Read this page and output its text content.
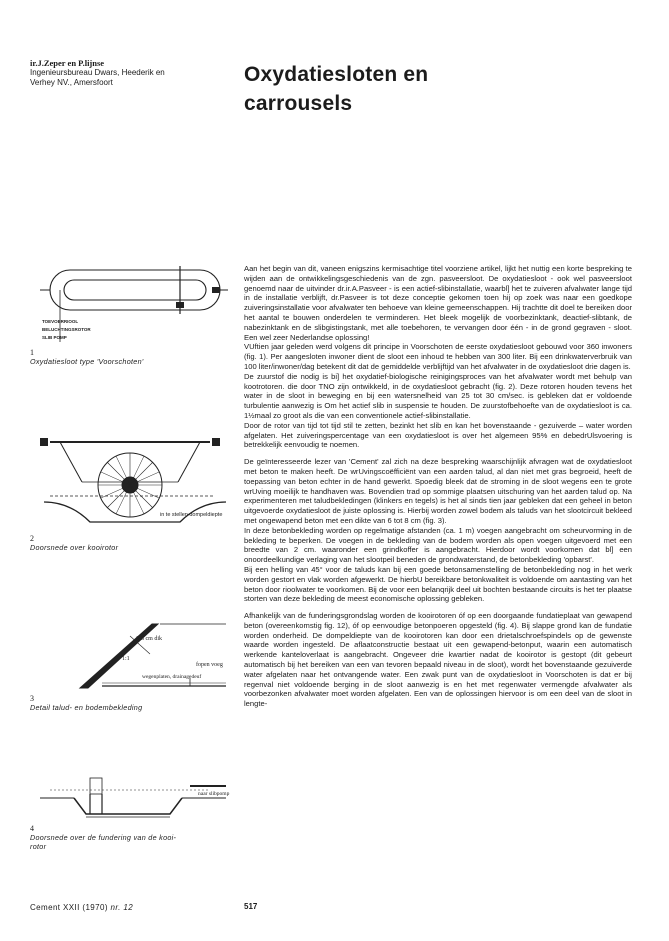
ir.J.Zeper en P.lijnse
Ingenieursbureau Dwars, Heederik en
Verhey NV., Amersfoort	Oxydatiesloten en
carrousels
TOEVOERRIOOL
BELUCHTINGSROTOR
SLIB POMP
1
Oxydatiesloot type 'Voorschoten'
in te stellen dompeldiepte
2
Doorsnede over kooirotor
6-8 cm dik
1:1
fopen voeg
wegenplaten, drainagedeuf
3
Detail talud- en bodembekleding
naar slibpomp
4
Doorsnede over de fundering van de kooi-
rotor

Aan het begin van dit, vaneen enigszins kermisachtige titel voorziene artikel, lijkt het nuttig een korte bespreking te wijden aan de ontwikkelingsgeschiedenis van de zgn. pasveersloot. De oxydatiesloot - ook wel pasveersloot genoemd naar de uitvinder dr.ir.A.Pasveer - is een actief-slibinstallatie, waarbl] het te zuiveren afvalwater lange tijd in de installatie verblijft, dr.Pasveer is tot deze conceptie gekomen toen hij op zoek was naar een goedkope zuiveringsinstallatie voor afvalwater ten behoeve van kleine gemeenschappen. Hij trachtte dit doel te bereiken door het aantal te bouwen onderdelen te verminderen. Het bleek mogelijk de voorbezinktank, deactief-slibtank, de nabezinktank en de slibgistingstank, met alle toebehoren, te vervangen door één - in de grond gegraven - sloot. Een wel zeer Nederlandse oplossing!

VUftien jaar geleden werd volgens dit principe in Voorschoten de eerste oxydatiesloot gebouwd voor 360 inwoners (fig. 1). Per aangesloten inwoner dient de sloot een inhoud te hebben van 300 liter. Bij een drinkwaterverbruik van 100 liter/inwoner/dag betekent dit dat de gemiddelde verblijftijd van het afvalwater in de oxydatiesloot drie dagen is.

De zuurstof die nodig is bi] het oxydatief-biologische reinigingsproces van het afvalwater wordt met behulp van kootrotoren. die door TNO zijn ontwikkeld, in de oxydatiesloot gebracht (fig. 2). Deze rotoren houden tevens het water in de sloot in beweging en bij een watersnelheid van 25 tot 30 cm/sec. is gebleken dat er voldoende turbulentie aanwezig is Om het actief slib in suspensie te houden. De zuurstofbehoefte van de oxydatiesloot is ca. 1½maal zo groot als die van een conventionele actief-slibinstallatie.

Door de rotor van tijd tot tijd stil te zetten, bezinkt het slib en kan het bovenstaande - gezuiverde – water worden afgelaten. Het zuiveringspercentage van een oxydatiesloot is over het algemeen 95% en debedrUlsvoering is betrekkelijk eenvoudig te noemen.

De geïnteresseerde lezer van 'Cement' zal zich na deze bespreking waarschijnlijk afvragen wat de oxydatiesloot met beton te maken heeft. De wrUvingscoëfficiënt van een aarden talud, al dan niet met gras begroeid, heeft de toepassing van beton echter in de hand gewerkt. Spoedig bleek dat de stroming in de sloot wegens een te grote wrUving moeilijk te handhaven was. Bovendien trad op sommige plaatsen uitschuring van het aarden talud op. Na experimenteren met taludbekledingen (klinkers en tegels) is het al sinds tien jaar gebleken dat een geheel in beton uitgevoerde oxydatiesloot de juiste oplossing is. Hierbij worden zowel bodem als taluds van het slootcircuit bekleed met ongewapend beton met een dikte van 6 tot 8 cm (fig. 3).

In deze betonbekleding worden op regelmatige afstanden (ca. 1 m) voegen aangebracht om scheurvorming in de bekleding te beperken. De voegen in de bekleding van de bodem worden als open voegen uitgevoerd met een breedte van 2 cm. waaronder een grindkoffer is aangebracht. Hierdoor wordt voorkomen dat bl] een onoordeelkundige verlaging van het slootpeil beneden de grondwaterstand, de betonbekleding 'opbarst'.

Bij een helling van 45° voor de taluds kan bij een goede betonsamenstelling de betonbekleding nog in het werk worden gestort en vlak worden afgewerkt. De hierbU bereikbare betonkwaliteit is voldoende om aantasting van het beton door rioolwater te voorkomen. Bij de voor een belanqrijk deel uit bochten bestaande circuits is het ter plaatse storten van deze bekleding de meest economische oplossing gebleken.

Afhankelijk van de funderingsgrondslag worden de kooirotoren óf op een doorgaande fundatieplaat van gewapend beton (overeenkomstig fig. 12), óf op eenvoudige betonpoeren opgesteld (fig. 4). Bij slappe grond kan de fundatie worden onderheid. De dompeldiepte van de kooirotoren kan door een drietalschroefspindels op de gewenste waarde worden ingesteld. De aflaatconstructie bestaat uit een gewapend-betonput, waarin een automatisch werkende kanteloverlaat is aangebracht. Ongeveer drie kwartier nadat de kooirotor is gestopt (dit gebeurt automatisch bij het bereiken van een van tevoren bepaald niveau in de sloot), wordt het bovenstaande gezuiverde water afgelaten naar het ontvangende water. Een zwak punt van de oxydatiesloot in Voorschoten is dat er bij regenval niet voldoende berging in de sloot aanwezig is en het met regenwater vermengde afvalwater als voorbezonken afvalwater moet worden afgelaten. Een van de oplossingen hiervoor is om een deel van de sloot in lengte-

Cement XXII (1970) nr. 12	517
